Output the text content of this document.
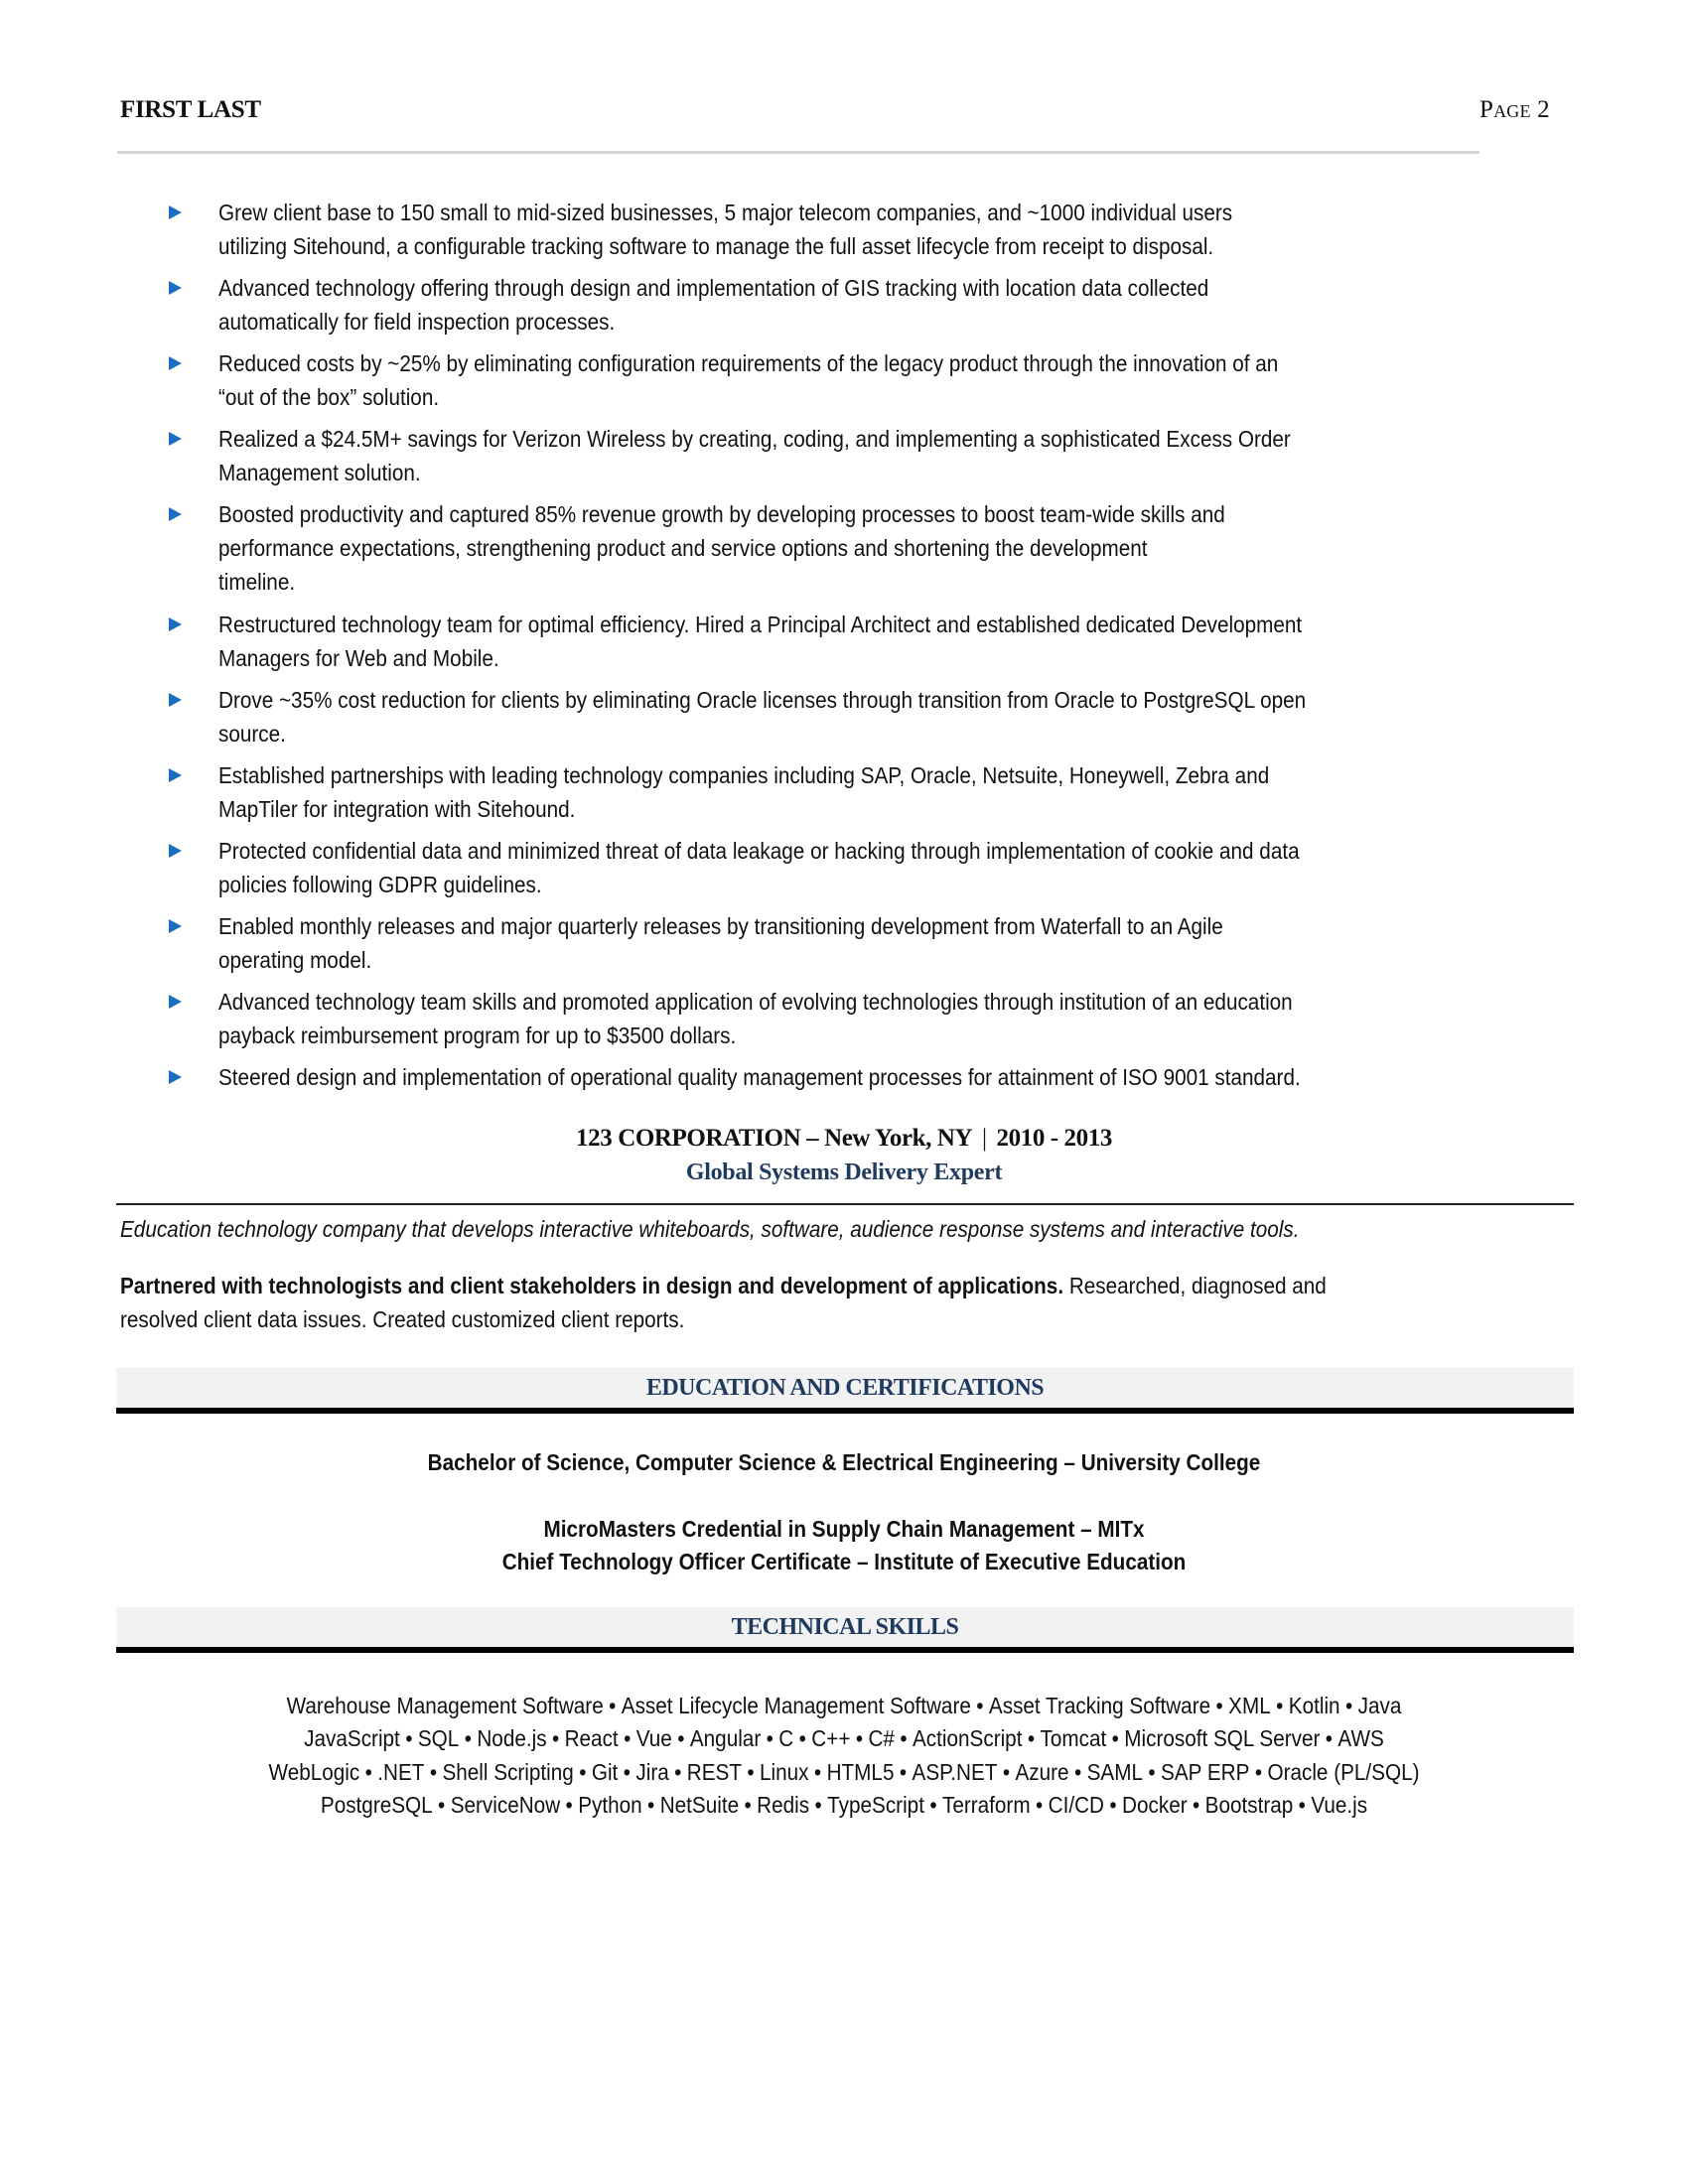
FIRST LAST	Page 2
Grew client base to 150 small to mid-sized businesses, 5 major telecom companies, and ~1000 individual users
utilizing Sitehound, a configurable tracking software to manage the full asset lifecycle from receipt to disposal.
Advanced technology offering through design and implementation of GIS tracking with location data collected
automatically for field inspection processes.
Reduced costs by ~25% by eliminating configuration requirements of the legacy product through the innovation of an
“out of the box” solution.
Realized a $24.5M+ savings for Verizon Wireless by creating, coding, and implementing a sophisticated Excess Order
Management solution.
Boosted productivity and captured 85% revenue growth by developing processes to boost team-wide skills and
performance expectations, strengthening product and service options and shortening the development
timeline.
Restructured technology team for optimal efficiency. Hired a Principal Architect and established dedicated Development
Managers for Web and Mobile.
Drove ~35% cost reduction for clients by eliminating Oracle licenses through transition from Oracle to PostgreSQL open
source.
Established partnerships with leading technology companies including SAP, Oracle, Netsuite, Honeywell, Zebra and
MapTiler for integration with Sitehound.
Protected confidential data and minimized threat of data leakage or hacking through implementation of cookie and data
policies following GDPR guidelines.
Enabled monthly releases and major quarterly releases by transitioning development from Waterfall to an Agile
operating model.
Advanced technology team skills and promoted application of evolving technologies through institution of an education
payback reimbursement program for up to $3500 dollars.
Steered design and implementation of operational quality management processes for attainment of ISO 9001 standard.
123 CORPORATION – New York, NY | 2010 - 2013
Global Systems Delivery Expert
Education technology company that develops interactive whiteboards, software, audience response systems and interactive tools.
Partnered with technologists and client stakeholders in design and development of applications. Researched, diagnosed and
resolved client data issues. Created customized client reports.
EDUCATION AND CERTIFICATIONS
Bachelor of Science, Computer Science & Electrical Engineering – University College
MicroMasters Credential in Supply Chain Management – MITx
Chief Technology Officer Certificate – Institute of Executive Education
TECHNICAL SKILLS
Warehouse Management Software • Asset Lifecycle Management Software • Asset Tracking Software • XML • Kotlin • Java
JavaScript • SQL • Node.js • React • Vue • Angular • C • C++ • C# • ActionScript • Tomcat • Microsoft SQL Server • AWS
WebLogic • .NET • Shell Scripting • Git • Jira • REST • Linux • HTML5 • ASP.NET • Azure • SAML • SAP ERP • Oracle (PL/SQL)
PostgreSQL • ServiceNow • Python • NetSuite • Redis • TypeScript • Terraform • CI/CD • Docker • Bootstrap • Vue.js
